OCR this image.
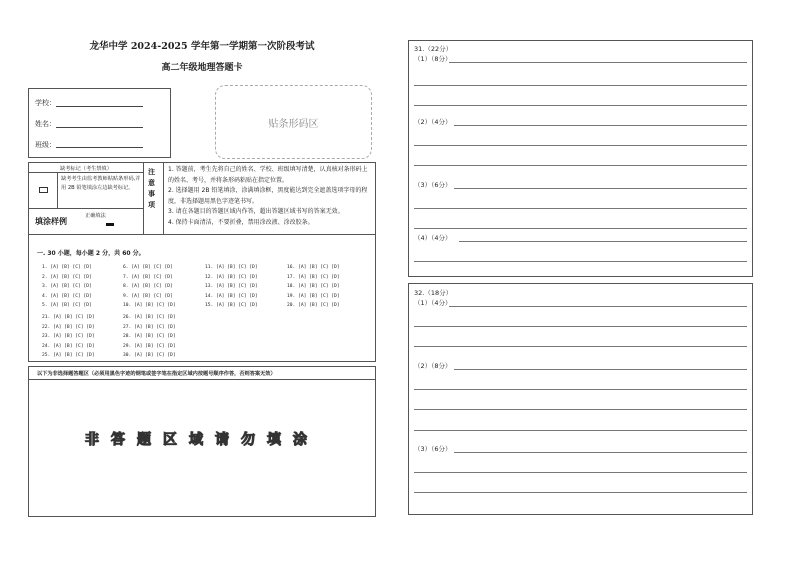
龙华中学 2024-2025 学年第一学期第一次阶段考试
高二年级地理答题卡
学校：
姓名：
班级：
贴条形码区
缺考标记（考生禁填）
缺考考生由监考教师粘贴条形码,并用 2B 铅笔填涂左边缺考标记。
填涂样例
正确填法
注意事项
1. 答题前，考生先将自己的姓名、学校、班级填写清楚，认真核对条形码上的姓名、考号，并将条形码粘贴在指定位置。
2. 选择题用 2B 铅笔填涂，涂满填涂框，黑度能达到完全遮盖选项字母的程度，非选择题用黑色字迹笔书写。
3. 请在各题目的答题区域内作答，超出答题区域书写的答案无效。
4. 保持卡面清洁，不要折叠，禁用涂改液、涂改胶条。
一. 30 小题，每小题 2 分，共 60 分。
1. [A] [B] [C] [D]
2. [A] [B] [C] [D]
3. [A] [B] [C] [D]
4. [A] [B] [C] [D]
5. [A] [B] [C] [D]
6. [A] [B] [C] [D]
7. [A] [B] [C] [D]
8. [A] [B] [C] [D]
9. [A] [B] [C] [D]
10. [A] [B] [C] [D]
11. [A] [B] [C] [D]
12. [A] [B] [C] [D]
13. [A] [B] [C] [D]
14. [A] [B] [C] [D]
15. [A] [B] [C] [D]
16. [A] [B] [C] [D]
17. [A] [B] [C] [D]
18. [A] [B] [C] [D]
19. [A] [B] [C] [D]
20. [A] [B] [C] [D]
21. [A] [B] [C] [D]
22. [A] [B] [C] [D]
23. [A] [B] [C] [D]
24. [A] [B] [C] [D]
25. [A] [B] [C] [D]
26. [A] [B] [C] [D]
27. [A] [B] [C] [D]
28. [A] [B] [C] [D]
29. [A] [B] [C] [D]
30. [A] [B] [C] [D]
以下为非选择题答题区（必须用黑色字迹的钢笔或签字笔在指定区域内按题号顺序作答，否则答案无效）
非答题区域请勿填涂
31.（22分）
（1）（8分）
（2）（4分）
（3）（6分）
（4）（4分）
32.（18分）
（1）（4分）
（2）（8分）
（3）（6分）
